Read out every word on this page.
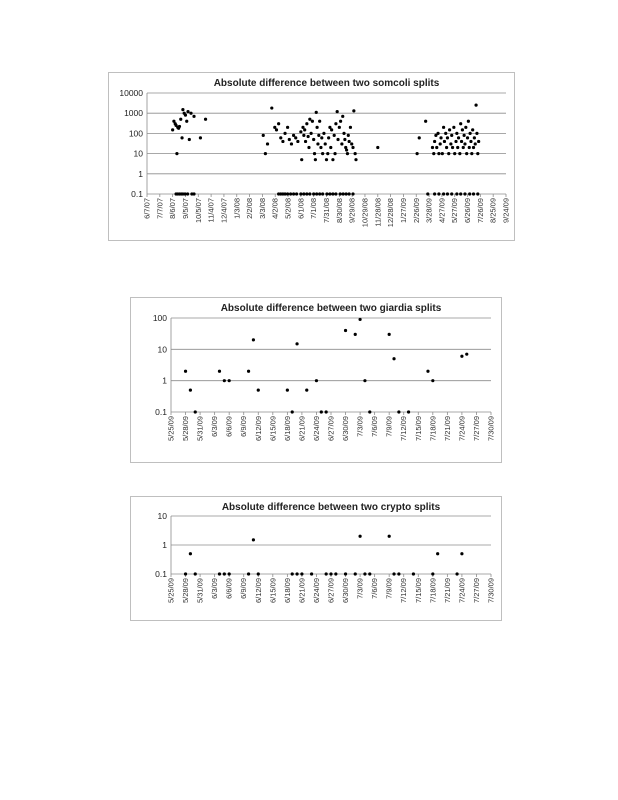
Absolute difference between two somcoli splits
0.1
1
10
100
1000
10000
6/7/07 7/7/07 8/6/07 9/5/07 10/5/07 11/4/07 12/4/07 1/3/08 2/2/08 3/3/08 4/2/08 5/2/08 6/1/08 7/1/08 7/31/08 8/30/08 9/29/08 10/29/08 11/28/08 12/28/08 1/27/09 2/26/09 3/28/09 4/27/09 5/27/09 6/26/09 7/26/09 8/25/09 9/24/09
Absolute difference between two giardia splits
0.1
1
10
100
5/25/09 5/28/09 5/31/09 6/3/09 6/6/09 6/9/09 6/12/09 6/15/09 6/18/09 6/21/09 6/24/09 6/27/09 6/30/09 7/3/09 7/6/09 7/9/09 7/12/09 7/15/09 7/18/09 7/21/09 7/24/09 7/27/09 7/30/09
Absolute difference between two crypto splits
0.1
1
10
5/25/09 5/28/09 5/31/09 6/3/09 6/6/09 6/9/09 6/12/09 6/15/09 6/18/09 6/21/09 6/24/09 6/27/09 6/30/09 7/3/09 7/6/09 7/9/09 7/12/09 7/15/09 7/18/09 7/21/09 7/24/09 7/27/09 7/30/09
